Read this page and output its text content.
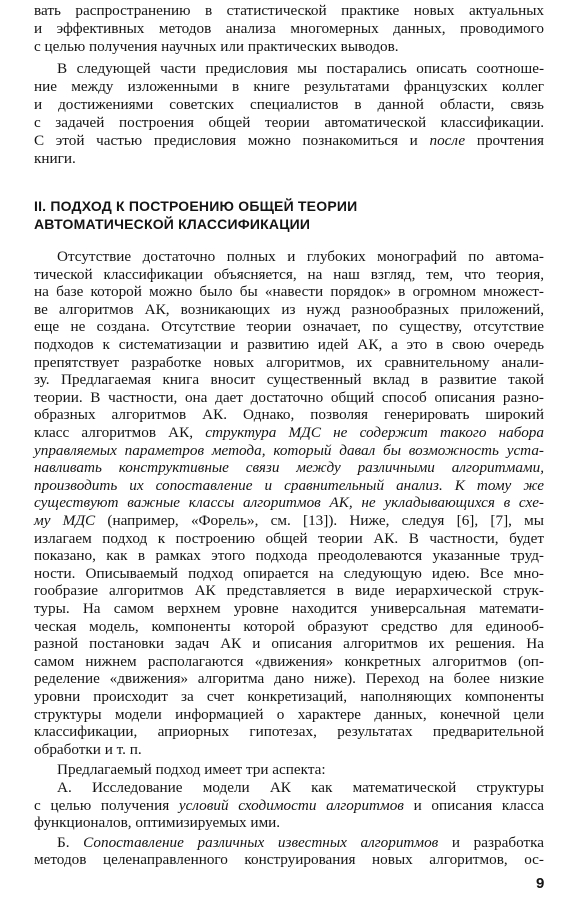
вать распространению в статистической практике новых актуальных
и эффективных методов анализа многомерных данных, проводимого
с целью получения научных или практических выводов.
В следующей части предисловия мы постарались описать соотноше-
ние между изложенными в книге результатами французских коллег
и достижениями советских специалистов в данной области, связь
с задачей построения общей теории автоматической классификации.
С этой частью предисловия можно познакомиться и после прочтения
книги.
II. ПОДХОД К ПОСТРОЕНИЮ ОБЩЕЙ ТЕОРИИ
АВТОМАТИЧЕСКОЙ КЛАССИФИКАЦИИ
Отсутствие достаточно полных и глубоких монографий по автома-
тической классификации объясняется, на наш взгляд, тем, что теория,
на базе которой можно было бы «навести порядок» в огромном множест-
ве алгоритмов АК, возникающих из нужд разнообразных приложений,
еще не создана. Отсутствие теории означает, по существу, отсутствие
подходов к систематизации и развитию идей АК, а это в свою очередь
препятствует разработке новых алгоритмов, их сравнительному анали-
зу. Предлагаемая книга вносит существенный вклад в развитие такой
теории. В частности, она дает достаточно общий способ описания разно-
образных алгоритмов АК. Однако, позволяя генерировать широкий
класс алгоритмов АК, структура МДС не содержит такого набора
управляемых параметров метода, который давал бы возможность уста-
навливать конструктивные связи между различными алгоритмами,
производить их сопоставление и сравнительный анализ. К тому же
существуют важные классы алгоритмов АК, не укладывающихся в схе-
му МДС (например, «Форель», см. [13]). Ниже, следуя [6], [7], мы
излагаем подход к построению общей теории АК. В частности, будет
показано, как в рамках этого подхода преодолеваются указанные труд-
ности. Описываемый подход опирается на следующую идею. Все мно-
гообразие алгоритмов АК представляется в виде иерархической струк-
туры. На самом верхнем уровне находится универсальная математи-
ческая модель, компоненты которой образуют средство для единооб-
разной постановки задач АК и описания алгоритмов их решения. На
самом нижнем располагаются «движения» конкретных алгоритмов (оп-
ределение «движения» алгоритма дано ниже). Переход на более низкие
уровни происходит за счет конкретизаций, наполняющих компоненты
структуры модели информацией о характере данных, конечной цели
классификации, априорных гипотезах, результатах предварительной
обработки и т. п.
Предлагаемый подход имеет три аспекта:
9
А. Исследование модели АК как математической структуры
с целью получения условий сходимости алгоритмов и описания класса
функционалов, оптимизируемых ими.
Б. Сопоставление различных известных алгоритмов и разработка
методов целенаправленного конструирования новых алгоритмов, ос-
